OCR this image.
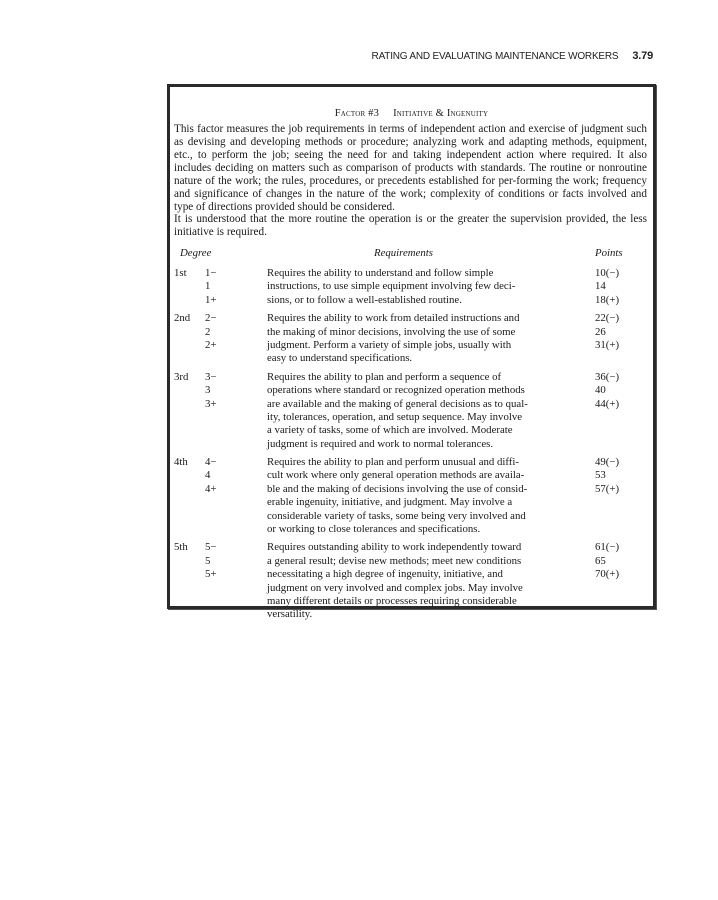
RATING AND EVALUATING MAINTENANCE WORKERS 3.79
Factor #3 Initiative & Ingenuity
This factor measures the job requirements in terms of independent action and exercise of judgment such as devising and developing methods or procedure; analyzing work and adapting methods, equipment, etc., to perform the job; seeing the need for and taking independent action where required. It also includes deciding on matters such as comparison of products with standards. The routine or nonroutine nature of the work; the rules, procedures, or precedents established for per-forming the work; frequency and significance of changes in the nature of the work; complexity of conditions or facts involved and type of directions provided should be considered.
It is understood that the more routine the operation is or the greater the supervision provided, the less initiative is required.
Degree	Requirements	Points
1st 1−	Requires the ability to understand and follow simple	10(−)
1	instructions, to use simple equipment involving few deci-	14
1+	sions, or to follow a well-established routine.	18(+)
2nd 2−	Requires the ability to work from detailed instructions and	22(−)
2	the making of minor decisions, involving the use of some	26
2+	judgment. Perform a variety of simple jobs, usually with	31(+)
easy to understand specifications.
3rd 3−	Requires the ability to plan and perform a sequence of	36(−)
3	operations where standard or recognized operation methods	40
3+	are available and the making of general decisions as to qual-	44(+)
ity, tolerances, operation, and setup sequence. May involve
a variety of tasks, some of which are involved. Moderate
judgment is required and work to normal tolerances.
4th 4−	Requires the ability to plan and perform unusual and diffi-	49(−)
4	cult work where only general operation methods are availa-	53
4+	ble and the making of decisions involving the use of consid-	57(+)
erable ingenuity, initiative, and judgment. May involve a
considerable variety of tasks, some being very involved and
or working to close tolerances and specifications.
5th 5−	Requires outstanding ability to work independently toward	61(−)
5	a general result; devise new methods; meet new conditions	65
5+	necessitating a high degree of ingenuity, initiative, and	70(+)
judgment on very involved and complex jobs. May involve
many different details or processes requiring considerable
versatility.
